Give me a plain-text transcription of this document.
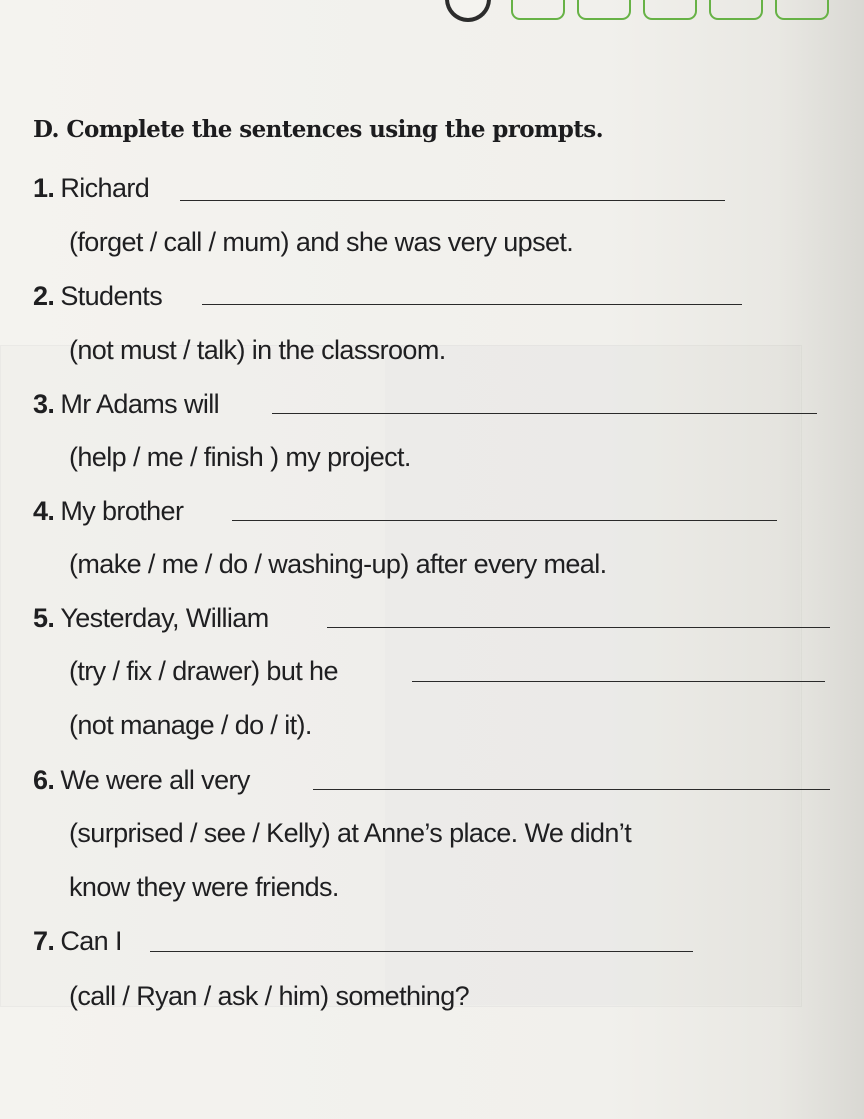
D. Complete the sentences using the prompts.
1. Richard
(forget / call / mum) and she was very upset.
2. Students
(not must / talk) in the classroom.
3. Mr Adams will
(help / me / finish ) my project.
4. My brother
(make / me / do / washing-up) after every meal.
5. Yesterday, William
(try / fix / drawer) but he
(not manage / do / it).
6. We were all very
(surprised / see / Kelly) at Anne’s place. We didn’t
know they were friends.
7. Can I
(call / Ryan / ask / him) something?
